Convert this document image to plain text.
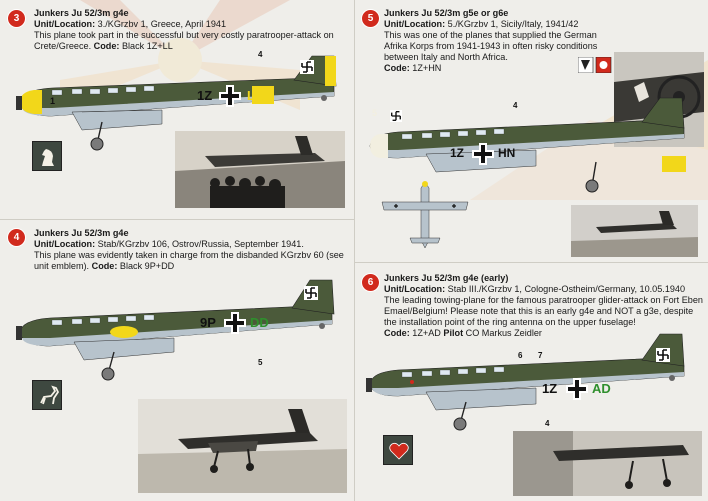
3	Junkers Ju 52/3m g4e
Unit/Location: 3./KGrzbv 1, Greece, April 1941
This plane took part in the successful but very costly paratrooper-attack on Crete/Greece. Code: Black 1Z+LL
1Z	LL
1
4
4	Junkers Ju 52/3m g4e
Unit/Location: Stab/KGrzbv 106, Ostrov/Russia, September 1941.
This plane was evidently taken in charge from the disbanded KGrzbv 60 (see unit emblem). Code: Black 9P+DD
9P	DD
5
5	Junkers Ju 52/3m g5e or g6e
Unit/Location: 5./KGrzbv 1, Sicily/Italy, 1941/42
This was one of the planes that supplied the German Afrika Korps from 1941-1943 in often risky conditions between Italy and North Africa.
Code: 1Z+HN
1Z	HN
5
4
6	Junkers Ju 52/3m g4e (early)
Unit/Location: Stab III./KGrzbv 1, Cologne-Ostheim/Germany, 10.05.1940
The leading towing-plane for the famous paratrooper glider-attack on Fort Eben Emael/Belgium! Please note that this is an early g4e and NOT a g3e, despite the installation point of the ring antenna on the upper fuselage!
Code: 1Z+AD Pilot CO Markus Zeidler
1Z	AD
6 7
4
